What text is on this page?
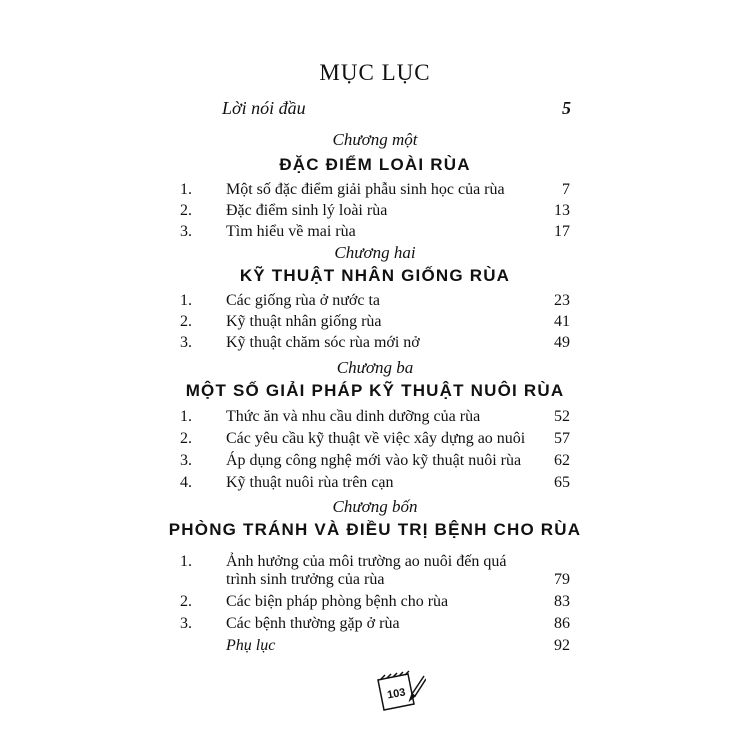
MỤC LỤC
Lời nói đầu	5
Chương một
ĐẶC ĐIỂM LOÀI RÙA
1. Một số đặc điểm giải phẫu sinh học của rùa	7
2. Đặc điểm sinh lý loài rùa	13
3. Tìm hiểu về mai rùa	17
Chương hai
KỸ THUẬT NHÂN GIỐNG RÙA
1. Các giống rùa ở nước ta	23
2. Kỹ thuật nhân giống rùa	41
3. Kỹ thuật chăm sóc rùa mới nở	49
Chương ba
MỘT SỐ GIẢI PHÁP KỸ THUẬT NUÔI RÙA
1. Thức ăn và nhu cầu dinh dưỡng của rùa	52
2. Các yêu cầu kỹ thuật về việc xây dựng ao nuôi 57
3. Áp dụng công nghệ mới vào kỹ thuật nuôi rùa 62
4. Kỹ thuật nuôi rùa trên cạn	65
Chương bốn
PHÒNG TRÁNH VÀ ĐIỀU TRỊ BỆNH CHO RÙA
1. Ảnh hưởng của môi trường ao nuôi đến quá
trình sinh trưởng của rùa	79
2. Các biện pháp phòng bệnh cho rùa	83
3. Các bệnh thường gặp ở rùa	86
Phụ lục	92
103
